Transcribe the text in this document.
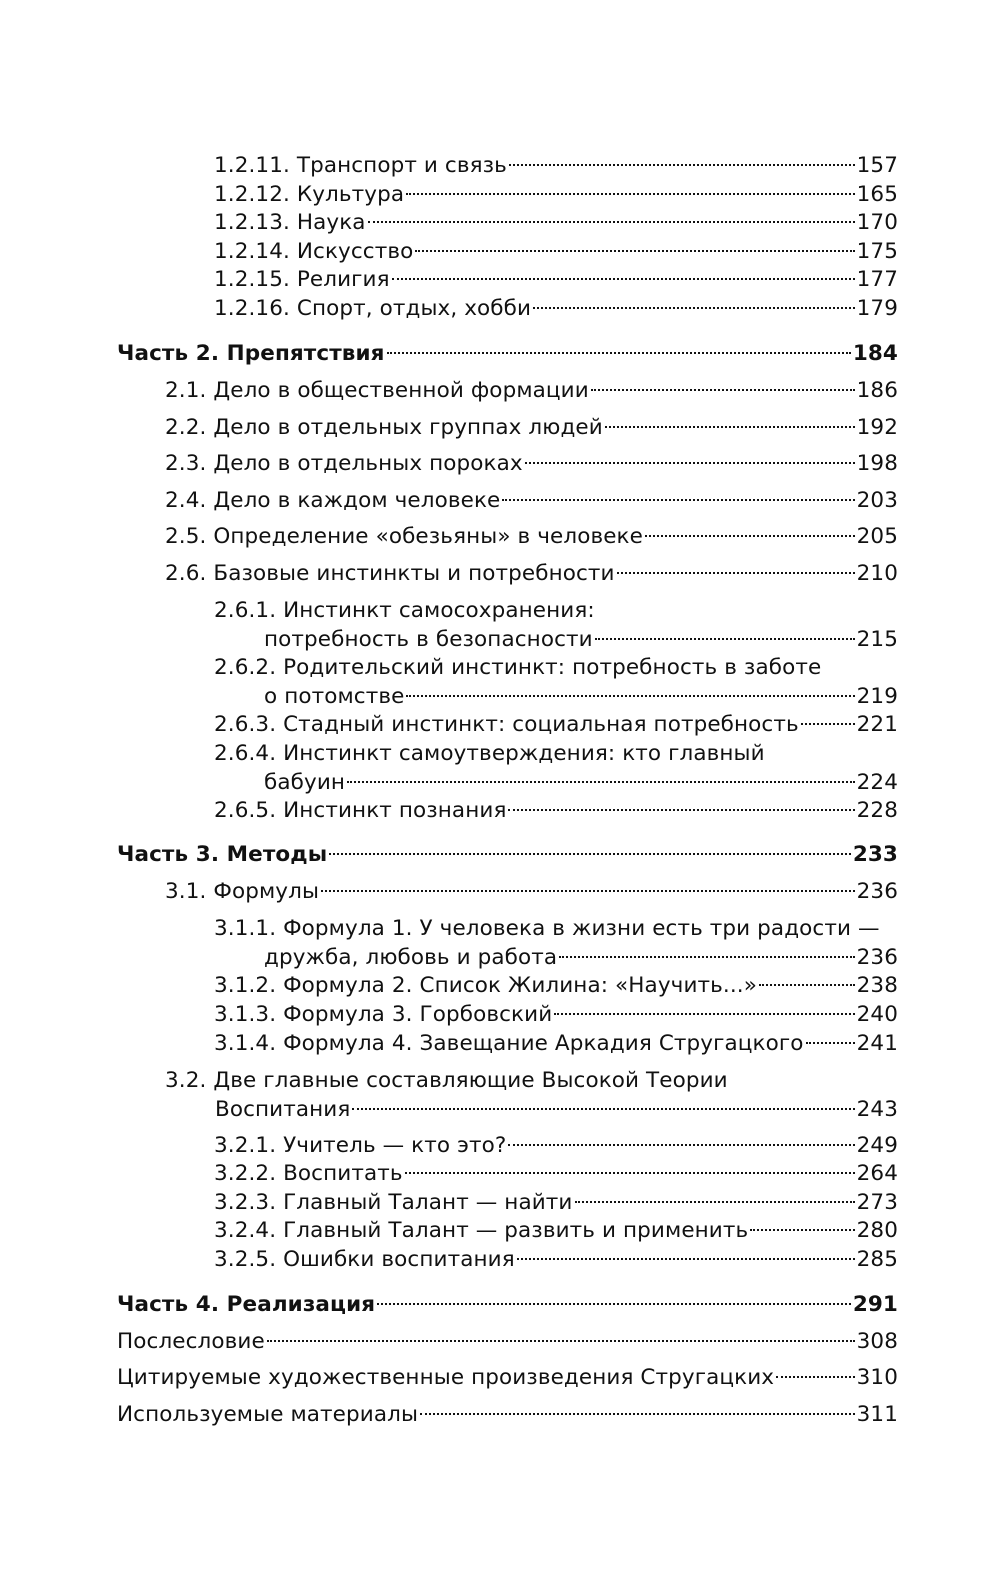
1.2.11. Транспорт и связь	157
1.2.12. Культура	165
1.2.13. Наука	170
1.2.14. Искусство	175
1.2.15. Религия	177
1.2.16. Спорт, отдых, хобби	179
Часть 2. Препятствия	184
2.1. Дело в общественной формации	186
2.2. Дело в отдельных группах людей	192
2.3. Дело в отдельных пороках	198
2.4. Дело в каждом человеке	203
2.5. Определение «обезьяны» в человеке	205
2.6. Базовые инстинкты и потребности	210
2.6.1. Инстинкт самосохранения:
потребность в безопасности	215
2.6.2. Родительский инстинкт: потребность в заботе
о потомстве	219
2.6.3. Стадный инстинкт: социальная потребность	221
2.6.4. Инстинкт самоутверждения: кто главный
бабуин	224
2.6.5. Инстинкт познания	228
Часть 3. Методы	233
3.1. Формулы	236
3.1.1. Формула 1. У человека в жизни есть три радости —
дружба, любовь и работа	236
3.1.2. Формула 2. Список Жилина: «Научить...»	238
3.1.3. Формула 3. Горбовский	240
3.1.4. Формула 4. Завещание Аркадия Стругацкого 241
3.2. Две главные составляющие Высокой Теории
Воспитания	243
3.2.1. Учитель — кто это?	249
3.2.2. Воспитать	264
3.2.3. Главный Талант — найти	273
3.2.4. Главный Талант — развить и применить	280
3.2.5. Ошибки воспитания	285
Часть 4. Реализация	291
Послесловие	308
Цитируемые художественные произведения Стругацких	310
Используемые материалы	311
